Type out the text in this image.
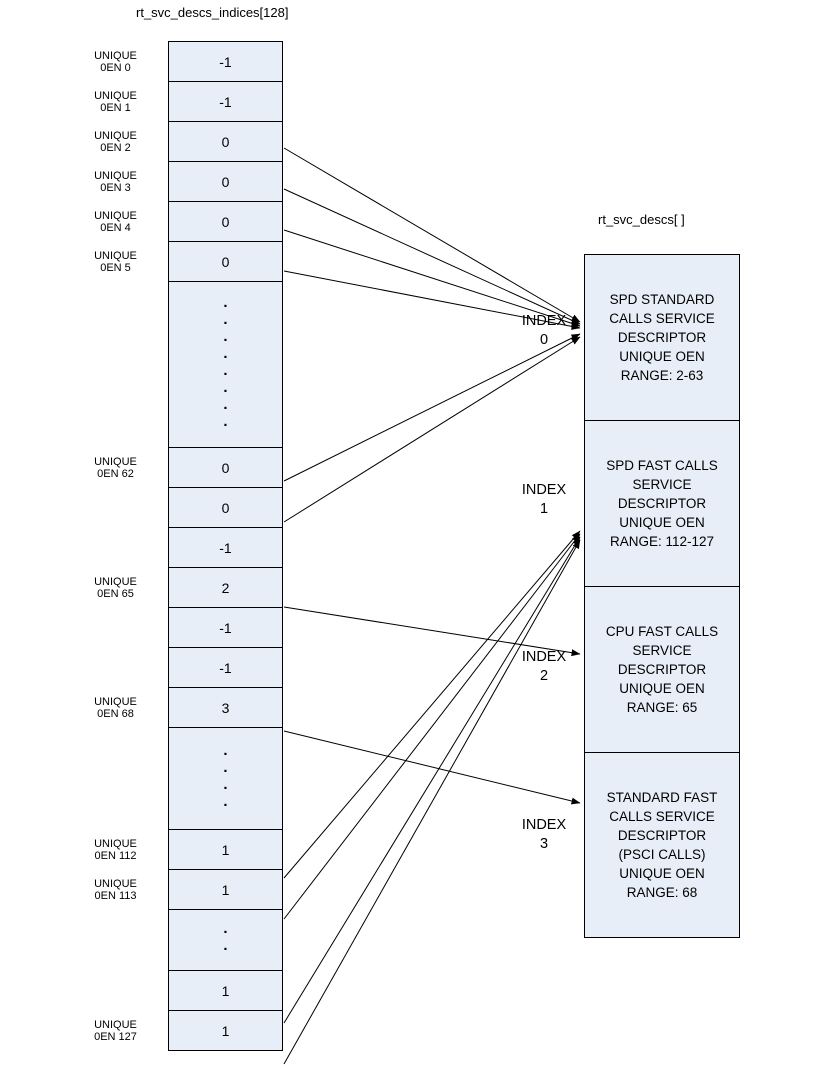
rt_svc_descs_indices[128]
rt_svc_descs[ ]
-1
-1
0
0
0
0
.
.
.
.
.
.
.
.
0
0
-1
2
-1
-1
3
.
.
.
.
1
1
.
.
1
1
UNIQUE
0EN 0
UNIQUE
0EN 1
UNIQUE
0EN 2
UNIQUE
0EN 3
UNIQUE
0EN 4
UNIQUE
0EN 5
UNIQUE
0EN 62
UNIQUE
0EN 65
UNIQUE
0EN 68
UNIQUE
0EN 112
UNIQUE
0EN 113
UNIQUE
0EN 127
SPD STANDARD
CALLS SERVICE
DESCRIPTOR
UNIQUE OEN
RANGE: 2-63
SPD FAST CALLS
SERVICE
DESCRIPTOR
UNIQUE OEN
RANGE: 112-127
CPU FAST CALLS
SERVICE
DESCRIPTOR
UNIQUE OEN
RANGE: 65
STANDARD FAST
CALLS SERVICE
DESCRIPTOR
(PSCI CALLS)
UNIQUE OEN
RANGE: 68
INDEX
0
INDEX
1
INDEX
2
INDEX
3
